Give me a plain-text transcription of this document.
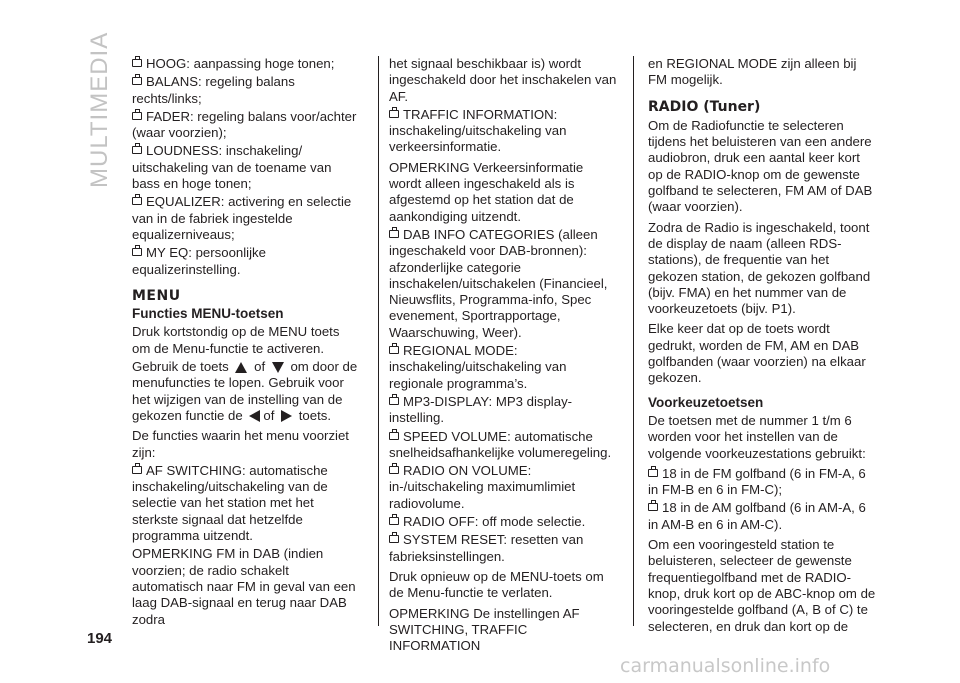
MULTIMEDIA	HOOG: aanpassing hoge tonen;

BALANS: regeling balans rechts/links;

FADER: regeling balans voor/achter (waar voorzien);

LOUDNESS: inschakeling/ uitschakeling van de toename van bass en hoge tonen;

EQUALIZER: activering en selectie van in de fabriek ingestelde equalizerniveaus;

MY EQ: persoonlijke equalizerinstelling.

MENU
Functies MENU-toetsen

Druk kortstondig op de MENU toets om de Menu-functie te activeren.

Gebruik de toets of om door de menufuncties te lopen. Gebruik voor het wijzigen van de instelling van de gekozen functie de of toets.

De functies waarin het menu voorziet zijn:

AF SWITCHING: automatische inschakeling/uitschakeling van de selectie van het station met het sterkste signaal dat hetzelfde programma uitzendt.

OPMERKING FM in DAB (indien voorzien; de radio schakelt automatisch naar FM in geval van een laag DAB-signaal en terug naar DAB zodra

het signaal beschikbaar is) wordt ingeschakeld door het inschakelen van AF.

TRAFFIC INFORMATION: inschakeling/uitschakeling van verkeersinformatie.

OPMERKING Verkeersinformatie wordt alleen ingeschakeld als is afgestemd op het station dat de aankondiging uitzendt.

DAB INFO CATEGORIES (alleen ingeschakeld voor DAB-bronnen): afzonderlijke categorie inschakelen/uitschakelen (Financieel, Nieuwsflits, Programma-info, Spec evenement, Sportrapportage, Waarschuwing, Weer).

REGIONAL MODE: inschakeling/uitschakeling van regionale programma’s.

MP3-DISPLAY: MP3 display-instelling.

SPEED VOLUME: automatische snelheidsafhankelijke volumeregeling.

RADIO ON VOLUME: in-/uitschakeling maximumlimiet radiovolume.

RADIO OFF: off mode selectie.

SYSTEM RESET: resetten van fabrieksinstellingen.

Druk opnieuw op de MENU-toets om de Menu-functie te verlaten.

OPMERKING De instellingen AF SWITCHING, TRAFFIC INFORMATION

en REGIONAL MODE zijn alleen bij FM mogelijk.

RADIO (Tuner)

Om de Radiofunctie te selecteren tijdens het beluisteren van een andere audiobron, druk een aantal keer kort op de RADIO-knop om de gewenste golfband te selecteren, FM AM of DAB (waar voorzien).

Zodra de Radio is ingeschakeld, toont de display de naam (alleen RDS-stations), de frequentie van het gekozen station, de gekozen golfband (bijv. FMA) en het nummer van de voorkeuzetoets (bijv. P1).

Elke keer dat op de toets wordt gedrukt, worden de FM, AM en DAB golfbanden (waar voorzien) na elkaar gekozen.

Voorkeuzetoetsen

De toetsen met de nummer 1 t/m 6 worden voor het instellen van de volgende voorkeuzestations gebruikt:

18 in de FM golfband (6 in FM-A, 6 in FM-B en 6 in FM-C);

18 in de AM golfband (6 in AM-A, 6 in AM-B en 6 in AM-C).

Om een vooringesteld station te beluisteren, selecteer de gewenste frequentiegolfband met de RADIO-knop, druk kort op de ABC-knop om de vooringestelde golfband (A, B of C) te selecteren, en druk dan kort op de

194
carmanualsonline.info
